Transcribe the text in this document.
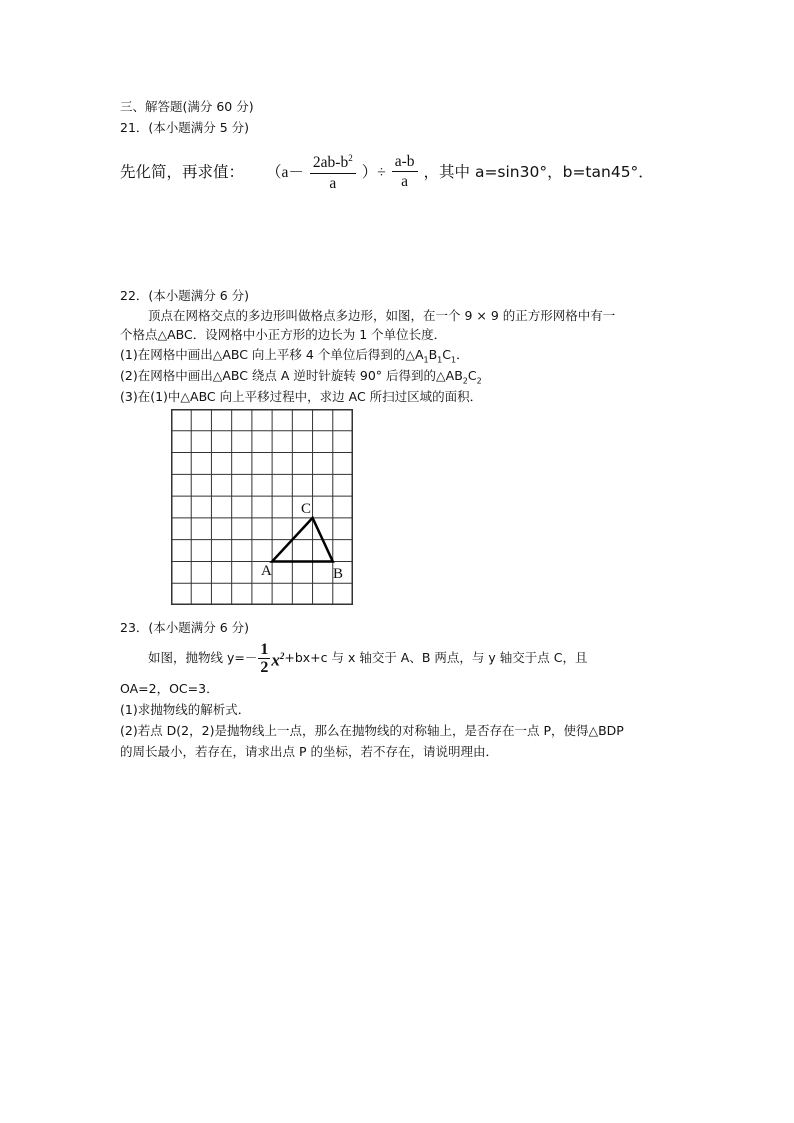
三、解答题(满分 60 分)
21．(本小题满分 5 分)
先化简，再求值： （$a- \frac{2ab-b^2}{a}$ ）÷ $\frac{a-b}{a}$ ，其中 a=sin30°，b=tan45°．
22．(本小题满分 6 分)
顶点在网格交点的多边形叫做格点多边形，如图，在一个 9 × 9 的正方形网格中有一
个格点△ABC．设网格中小正方形的边长为 1 个单位长度．
(1)在网格中画出△ABC 向上平移 4 个单位后得到的$\triangle A_1B_1C_1$．
(2)在网格中画出△ABC 绕点 A 逆时针旋转 90° 后得到的$\triangle AB_2C_2$
(3)在(1)中△ABC 向上平移过程中，求边 AC 所扫过区域的面积．
C
A	B
23．(本小题满分 6 分)
如图，抛物线 y=－ 1
2 $x^2 +bx+c$ 与 x 轴交于 A、B 两点，与 y 轴交于点 C，且
OA=2，OC=3．
(1)求抛物线的解析式．
(2)若点 D(2，2)是抛物线上一点，那么在抛物线的对称轴上，是否存在一点 P，使得△BDP
的周长最小，若存在，请求出点 P 的坐标，若不存在，请说明理由．
